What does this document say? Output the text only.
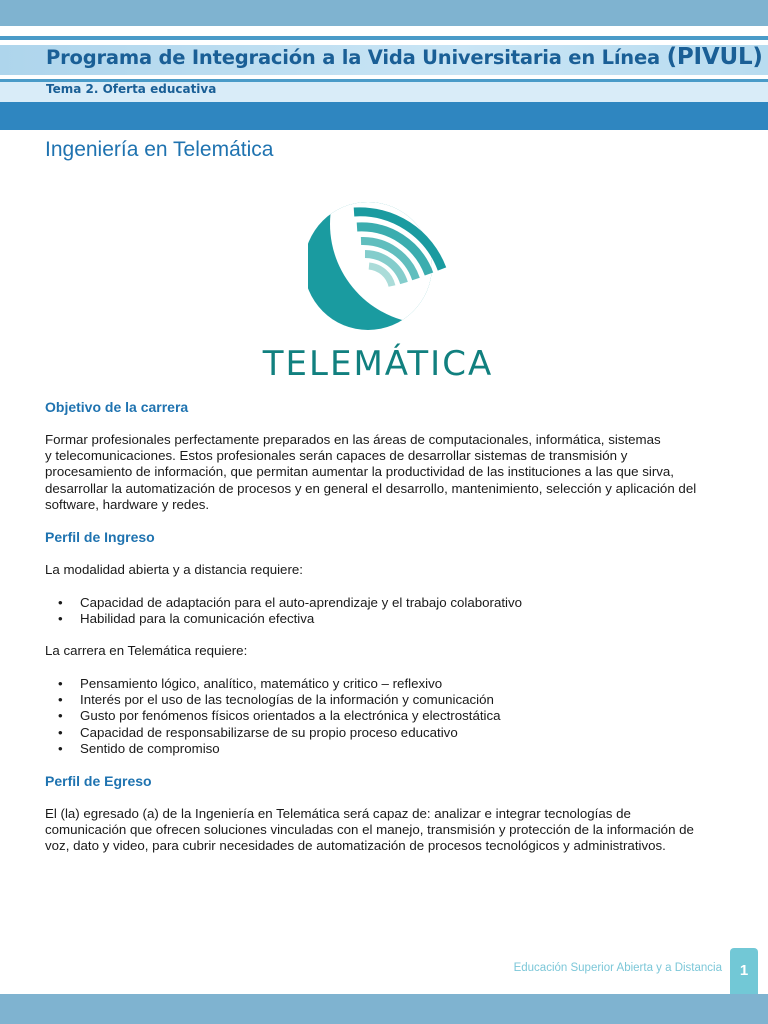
Programa de Integración a la Vida Universitaria en Línea (PIVUL)
Tema 2. Oferta educativa
Ingeniería en Telemática
TELEMÁTICA
Objetivo de la carrera
Formar profesionales perfectamente preparados en las áreas de computacionales, informática, sistemas
y telecomunicaciones. Estos profesionales serán capaces de desarrollar sistemas de transmisión y
procesamiento de información, que permitan aumentar la productividad de las instituciones a las que sirva,
desarrollar la automatización de procesos y en general el desarrollo, mantenimiento, selección y aplicación del
software, hardware y redes.
Perfil de Ingreso
La modalidad abierta y a distancia requiere:
• Capacidad de adaptación para el auto-aprendizaje y el trabajo colaborativo
• Habilidad para la comunicación efectiva
La carrera en Telemática requiere:
• Pensamiento lógico, analítico, matemático y critico – reflexivo
• Interés por el uso de las tecnologías de la información y comunicación
• Gusto por fenómenos físicos orientados a la electrónica y electrostática
• Capacidad de responsabilizarse de su propio proceso educativo
• Sentido de compromiso
Perfil de Egreso
El (la) egresado (a) de la Ingeniería en Telemática será capaz de: analizar e integrar tecnologías de
comunicación que ofrecen soluciones vinculadas con el manejo, transmisión y protección de la información de
voz, dato y video, para cubrir necesidades de automatización de procesos tecnológicos y administrativos.
Educación Superior Abierta y a Distancia	1
